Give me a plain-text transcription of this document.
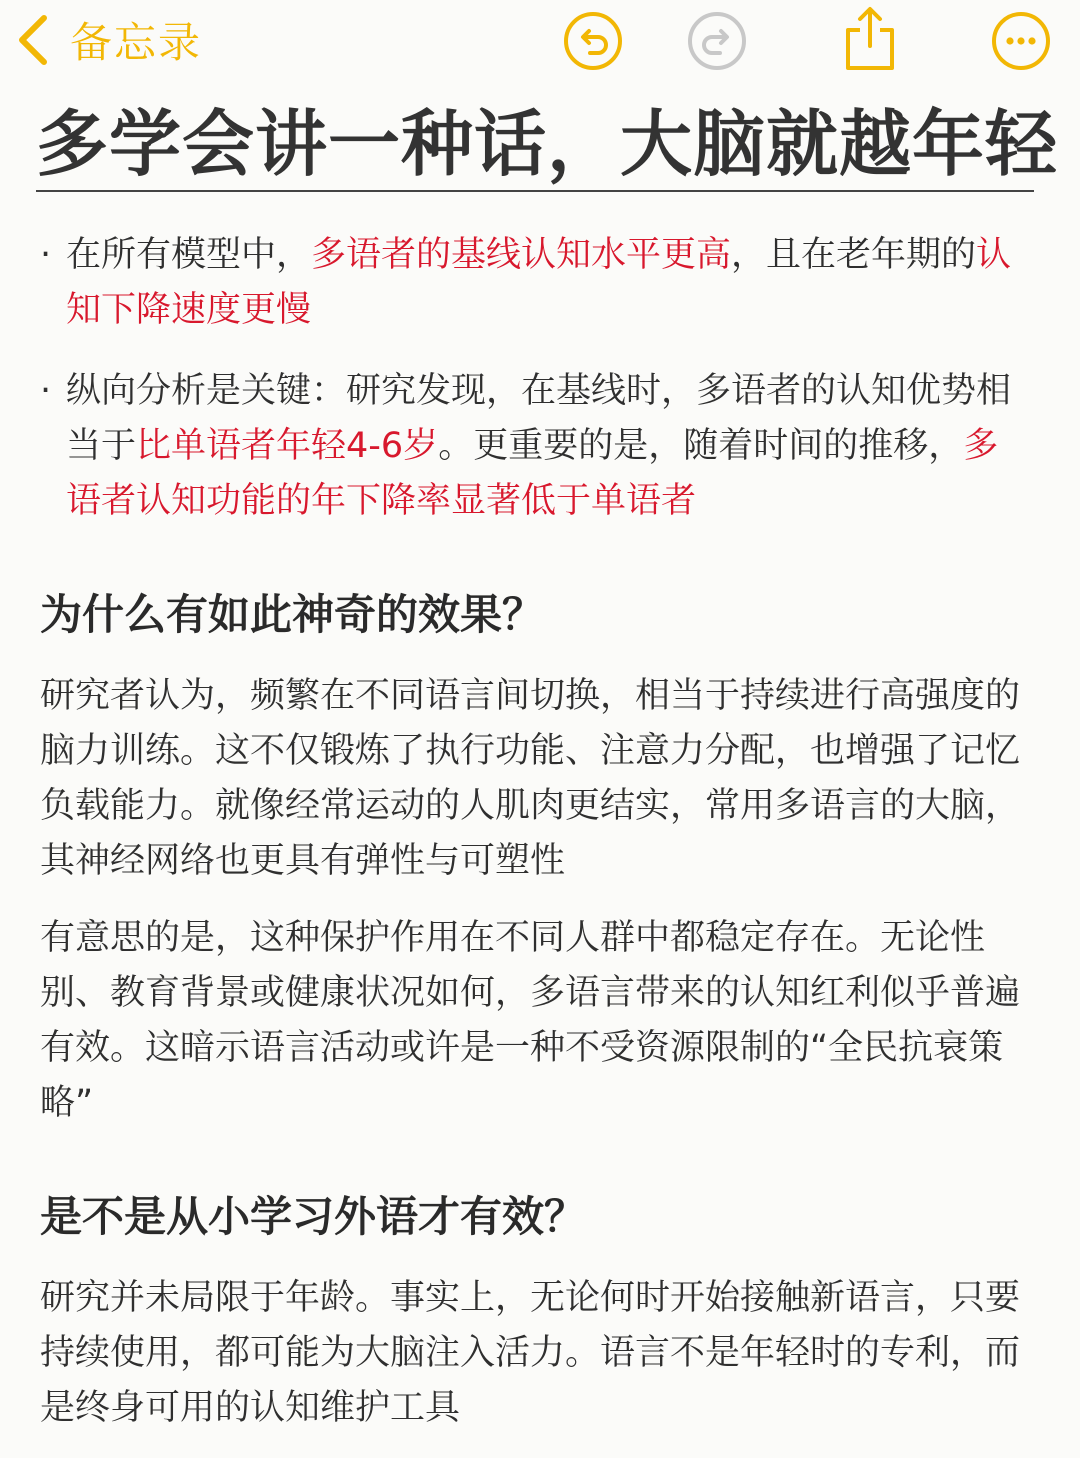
备忘录
多学会讲一种话，大脑就越年轻
· 在所有模型中，多语者的基线认知水平更高，且在老年期的认知下降速度更慢
· 纵向分析是关键：研究发现，在基线时，多语者的认知优势相当于比单语者年轻4-6岁。更重要的是，随着时间的推移，多语者认知功能的年下降率显著低于单语者
为什么有如此神奇的效果？
研究者认为，频繁在不同语言间切换，相当于持续进行高强度的脑力训练。这不仅锻炼了执行功能、注意力分配，也增强了记忆负载能力。就像经常运动的人肌肉更结实，常用多语言的大脑，其神经网络也更具有弹性与可塑性
有意思的是，这种保护作用在不同人群中都稳定存在。无论性别、教育背景或健康状况如何，多语言带来的认知红利似乎普遍有效。这暗示语言活动或许是一种不受资源限制的“全民抗衰策略”
是不是从小学习外语才有效？
研究并未局限于年龄。事实上，无论何时开始接触新语言，只要持续使用，都可能为大脑注入活力。语言不是年轻时的专利，而是终身可用的认知维护工具
